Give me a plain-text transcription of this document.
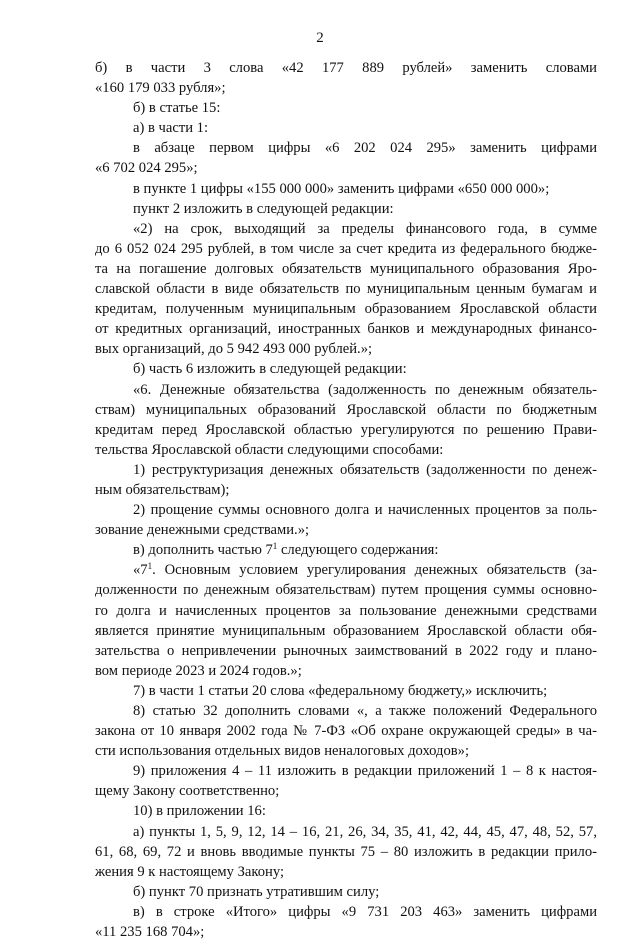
2
б) в части 3 слова «42 177 889 рублей» заменить словами
«160 179 033 рубля»;
б) в статье 15:
а) в части 1:
в абзаце первом цифры «6 202 024 295» заменить цифрами
«6 702 024 295»;
в пункте 1 цифры «155 000 000» заменить цифрами «650 000 000»;
пункт 2 изложить в следующей редакции:
«2) на срок, выходящий за пределы финансового года, в сумме
до 6 052 024 295 рублей, в том числе за счет кредита из федерального бюдже-
та на погашение долговых обязательств муниципального образования Яро-
славской области в виде обязательств по муниципальным ценным бумагам и
кредитам, полученным муниципальным образованием Ярославской области
от кредитных организаций, иностранных банков и международных финансо-
вых организаций, до 5 942 493 000 рублей.»;
б) часть 6 изложить в следующей редакции:
«6. Денежные обязательства (задолженность по денежным обязатель-
ствам) муниципальных образований Ярославской области по бюджетным
кредитам перед Ярославской областью урегулируются по решению Прави-
тельства Ярославской области следующими способами:
1) реструктуризация денежных обязательств (задолженности по денеж-
ным обязательствам);
2) прощение суммы основного долга и начисленных процентов за поль-
зование денежными средствами.»;
в) дополнить частью $7^1$ следующего содержания:
«$7^1$. Основным условием урегулирования денежных обязательств (за-
долженности по денежным обязательствам) путем прощения суммы основно-
го долга и начисленных процентов за пользование денежными средствами
является принятие муниципальным образованием Ярославской области обя-
зательства о непривлечении рыночных заимствований в 2022 году и плано-
вом периоде 2023 и 2024 годов.»;
7) в части 1 статьи 20 слова «федеральному бюджету,» исключить;
8) статью 32 дополнить словами «, а также положений Федерального
закона от 10 января 2002 года № 7-ФЗ «Об охране окружающей среды» в ча-
сти использования отдельных видов неналоговых доходов»;
9) приложения 4 – 11 изложить в редакции приложений 1 – 8 к настоя-
щему Закону соответственно;
10) в приложении 16:
а) пункты 1, 5, 9, 12, 14 – 16, 21, 26, 34, 35, 41, 42, 44, 45, 47, 48, 52, 57,
61, 68, 69, 72 и вновь вводимые пункты 75 – 80 изложить в редакции прило-
жения 9 к настоящему Закону;
б) пункт 70 признать утратившим силу;
в) в строке «Итого» цифры «9 731 203 463» заменить цифрами
«11 235 168 704»;
